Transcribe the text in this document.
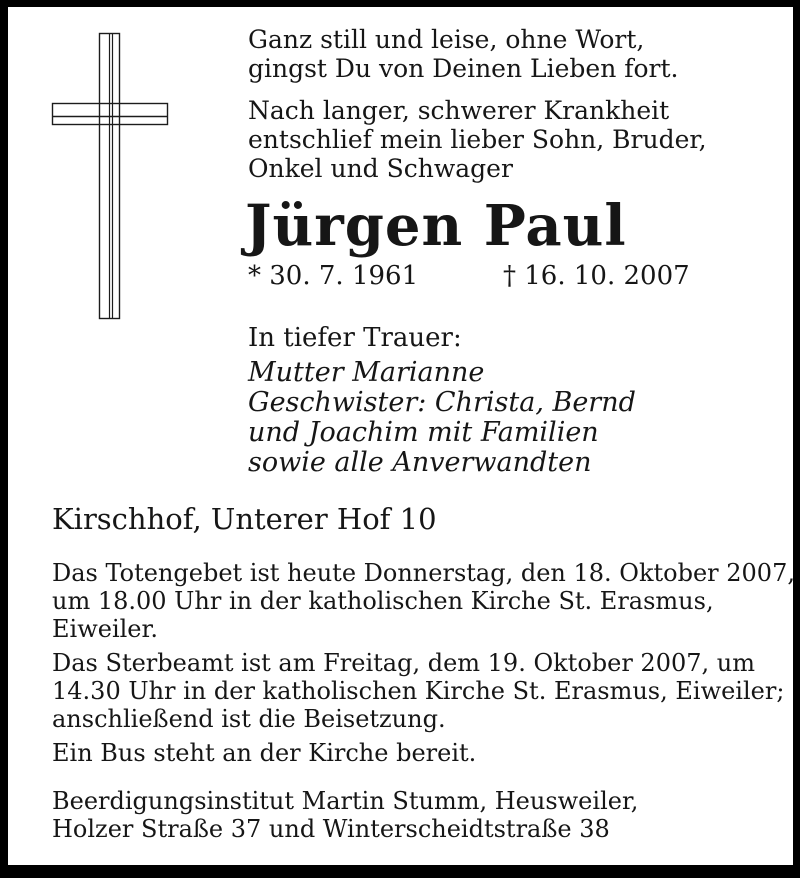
Ganz still und leise, ohne Wort,
gingst Du von Deinen Lieben fort.
Nach langer, schwerer Krankheit
entschlief mein lieber Sohn, Bruder,
Onkel und Schwager
Jürgen Paul
* 30. 7. 1961	† 16. 10. 2007
In tiefer Trauer:
Mutter Marianne
Geschwister: Christa, Bernd
und Joachim mit Familien
sowie alle Anverwandten
Kirschhof, Unterer Hof 10
Das Totengebet ist heute Donnerstag, den 18. Oktober 2007,
um 18.00 Uhr in der katholischen Kirche St. Erasmus,
Eiweiler.
Das Sterbeamt ist am Freitag, dem 19. Oktober 2007, um
14.30 Uhr in der katholischen Kirche St. Erasmus, Eiweiler;
anschließend ist die Beisetzung.
Ein Bus steht an der Kirche bereit.
Beerdigungsinstitut Martin Stumm, Heusweiler,
Holzer Straße 37 und Winterscheidtstraße 38
